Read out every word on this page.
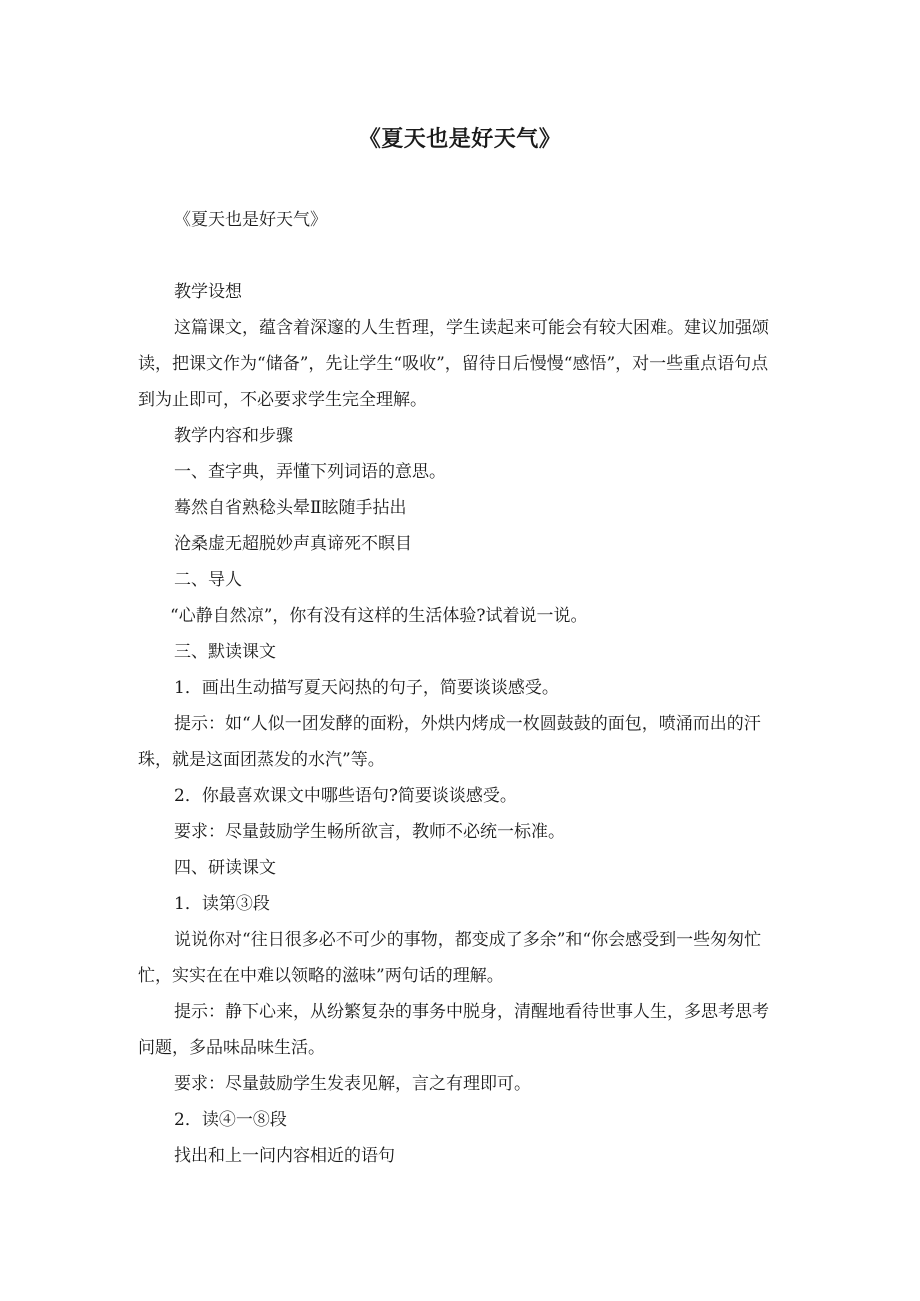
《夏天也是好天气》

《夏天也是好天气》

教学设想

这篇课文，蕴含着深邃的人生哲理，学生读起来可能会有较大困难。建议加强颂读，把课文作为“储备”，先让学生“吸收”，留待日后慢慢“感悟”，对一些重点语句点到为止即可，不必要求学生完全理解。

教学内容和步骤

一、查字典，弄懂下列词语的意思。

蓦然自省熟稔头晕Ⅱ眩随手拈出

沧桑虚无超脱妙声真谛死不瞑目

二、导人

“心静自然凉”，你有没有这样的生活体验?试着说一说。

三、默读课文

1．画出生动描写夏天闷热的句子，简要谈谈感受。

提示：如“人似一团发酵的面粉，外烘内烤成一枚圆鼓鼓的面包，喷涌而出的汗珠，就是这面团蒸发的水汽”等。

2．你最喜欢课文中哪些语句?简要谈谈感受。

要求：尽量鼓励学生畅所欲言，教师不必统一标准。

四、研读课文

1．读第③段

说说你对“往日很多必不可少的事物，都变成了多余”和“你会感受到一些匆匆忙忙，实实在在中难以领略的滋味”两句话的理解。

提示：静下心来，从纷繁复杂的事务中脱身，清醒地看待世事人生，多思考思考问题，多品味品味生活。

要求：尽量鼓励学生发表见解，言之有理即可。

2．读④一⑧段

找出和上一问内容相近的语句
